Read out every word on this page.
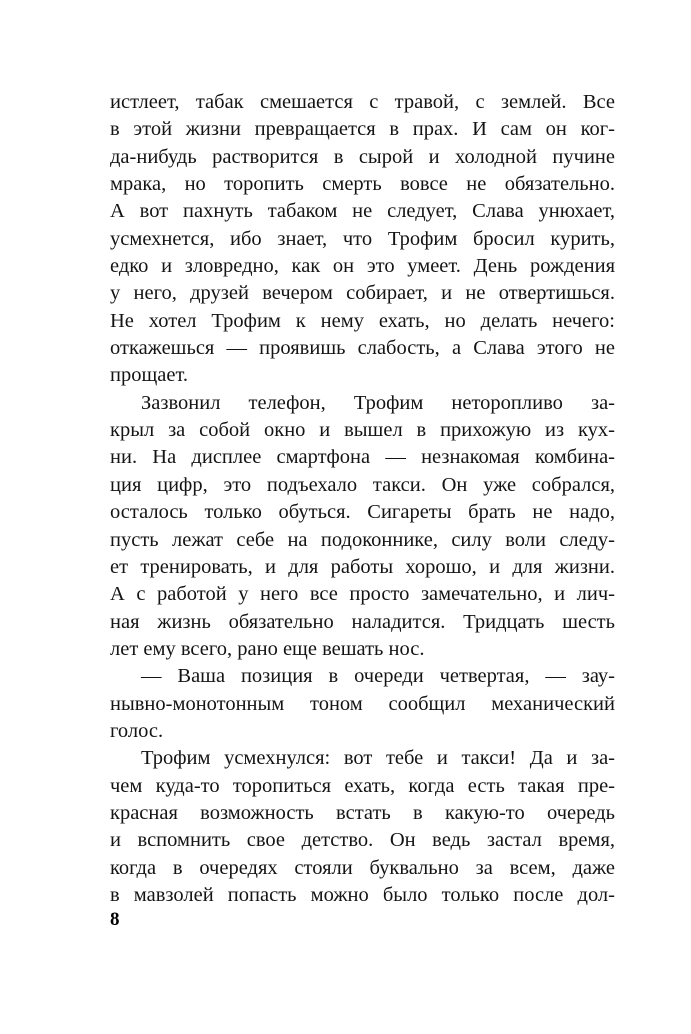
истлеет, табак смешается с травой, с землей. Все
в этой жизни превращается в прах. И сам он ког-
да-нибудь растворится в сырой и холодной пучине
мрака, но торопить смерть вовсе не обязательно.
А вот пахнуть табаком не следует, Слава унюхает,
усмехнется, ибо знает, что Трофим бросил курить,
едко и зловредно, как он это умеет. День рождения
у него, друзей вечером собирает, и не отвертишься.
Не хотел Трофим к нему ехать, но делать нечего:
откажешься — проявишь слабость, а Слава этого не
прощает.
Зазвонил телефон, Трофим неторопливо за-
крыл за собой окно и вышел в прихожую из кух-
ни. На дисплее смартфона — незнакомая комбина-
ция цифр, это подъехало такси. Он уже собрался,
осталось только обуться. Сигареты брать не надо,
пусть лежат себе на подоконнике, силу воли следу-
ет тренировать, и для работы хорошо, и для жизни.
А с работой у него все просто замечательно, и лич-
ная жизнь обязательно наладится. Тридцать шесть
лет ему всего, рано еще вешать нос.
— Ваша позиция в очереди четвертая, — зау-
нывно-монотонным тоном сообщил механический
голос.
Трофим усмехнулся: вот тебе и такси! Да и за-
чем куда-то торопиться ехать, когда есть такая пре-
красная возможность встать в какую-то очередь
и вспомнить свое детство. Он ведь застал время,
когда в очередях стояли буквально за всем, даже
в мавзолей попасть можно было только после дол-
8
